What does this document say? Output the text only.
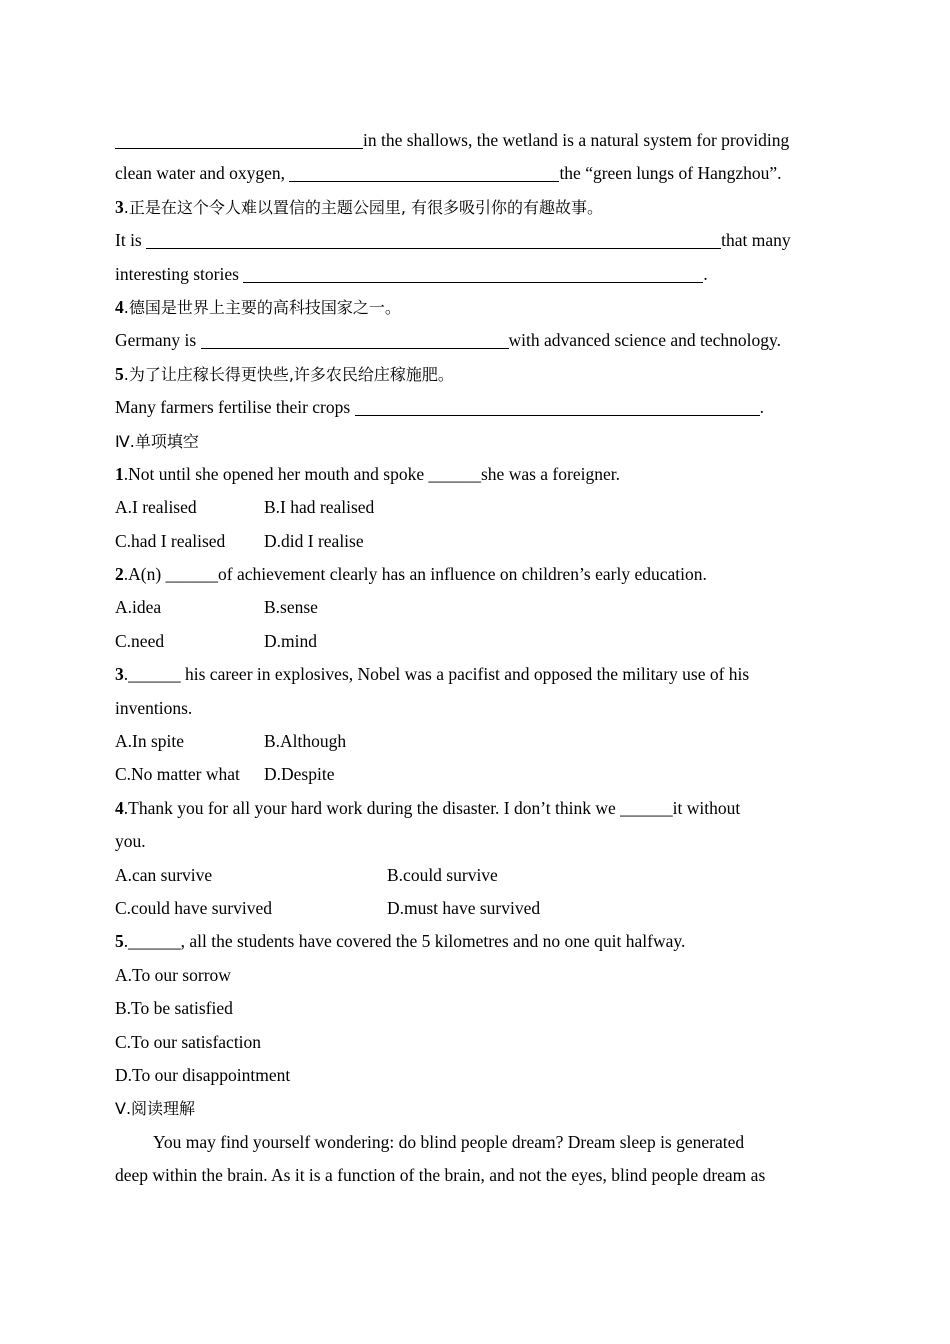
in the shallows, the wetland is a natural system for providing
clean water and oxygen,	the “green lungs of Hangzhou”.
3.正是在这个令人难以置信的主题公园里, 有很多吸引你的有趣故事。
It is	that many
interesting stories	.
4.德国是世界上主要的高科技国家之一。
Germany is	with advanced science and technology.
5.为了让庄稼长得更快些,许多农民给庄稼施肥。
Many farmers fertilise their crops	.
Ⅳ.单项填空
1.Not until she opened her mouth and spoke ______she was a foreigner.
A.I realised	B.I had realised
C.had I realised D.did I realise
2.A(n) ______of achievement clearly has an influence on children’s early education.
A.idea	B.sense
C.need	D.mind
3.______ his career in explosives, Nobel was a pacifist and opposed the military use of his
inventions.
A.In spite	B.Although
C.No matter what D.Despite
4.Thank you for all your hard work during the disaster. I don’t think we ______it without
you.
A.can survive	B.could survive
C.could have survived	D.must have survived
5.______, all the students have covered the 5 kilometres and no one quit halfway.
A.To our sorrow
B.To be satisfied
C.To our satisfaction
D.To our disappointment
Ⅴ.阅读理解
You may find yourself wondering: do blind people dream? Dream sleep is generated
deep within the brain. As it is a function of the brain, and not the eyes, blind people dream as
